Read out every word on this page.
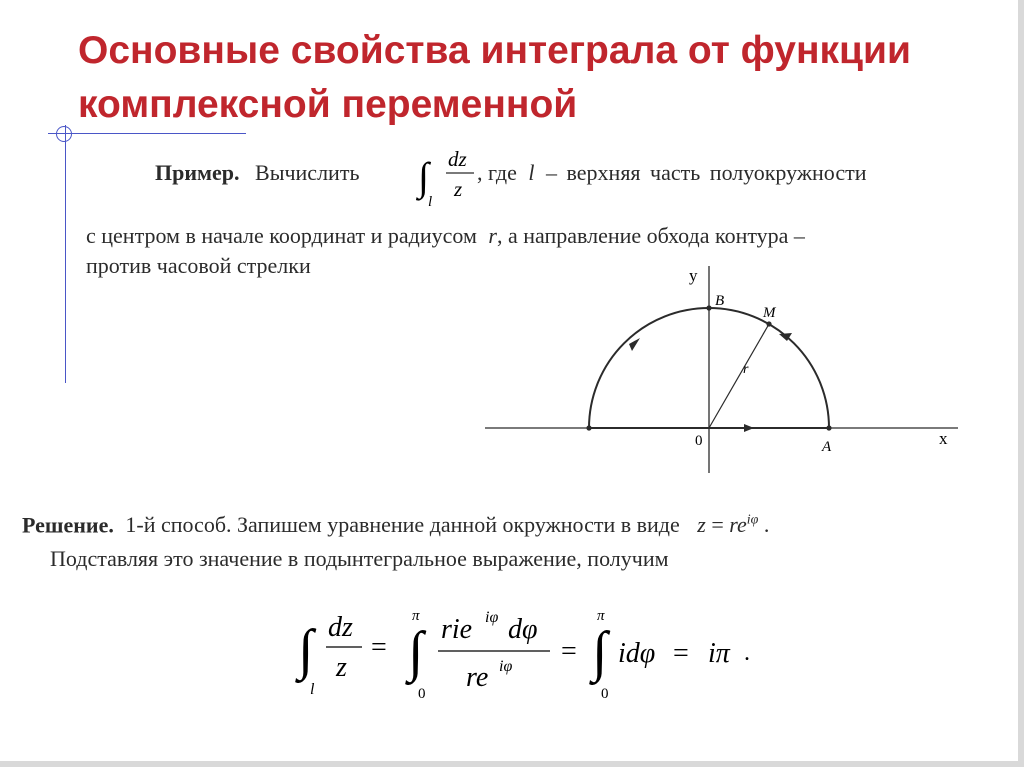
Основные свойства интеграла от функции комплексной переменной
Пример. Вычислить ∫
l
dz
z
, где l – верхняя часть полуокружности
с центром в начале координат и радиусом r, а направление обхода контура –
против часовой стрелки	y
x
0
B
M
A
r
Решение. 1-й способ. Запишем уравнение данной окружности в виде $z = re^{i\varphi}$ .
Подставляя это значение в подынтегральное выражение, получим
∫
l
dz
z
=
π
∫
0
rie iφ dφ
re iφ =
π
∫
0
idφ = iπ .
